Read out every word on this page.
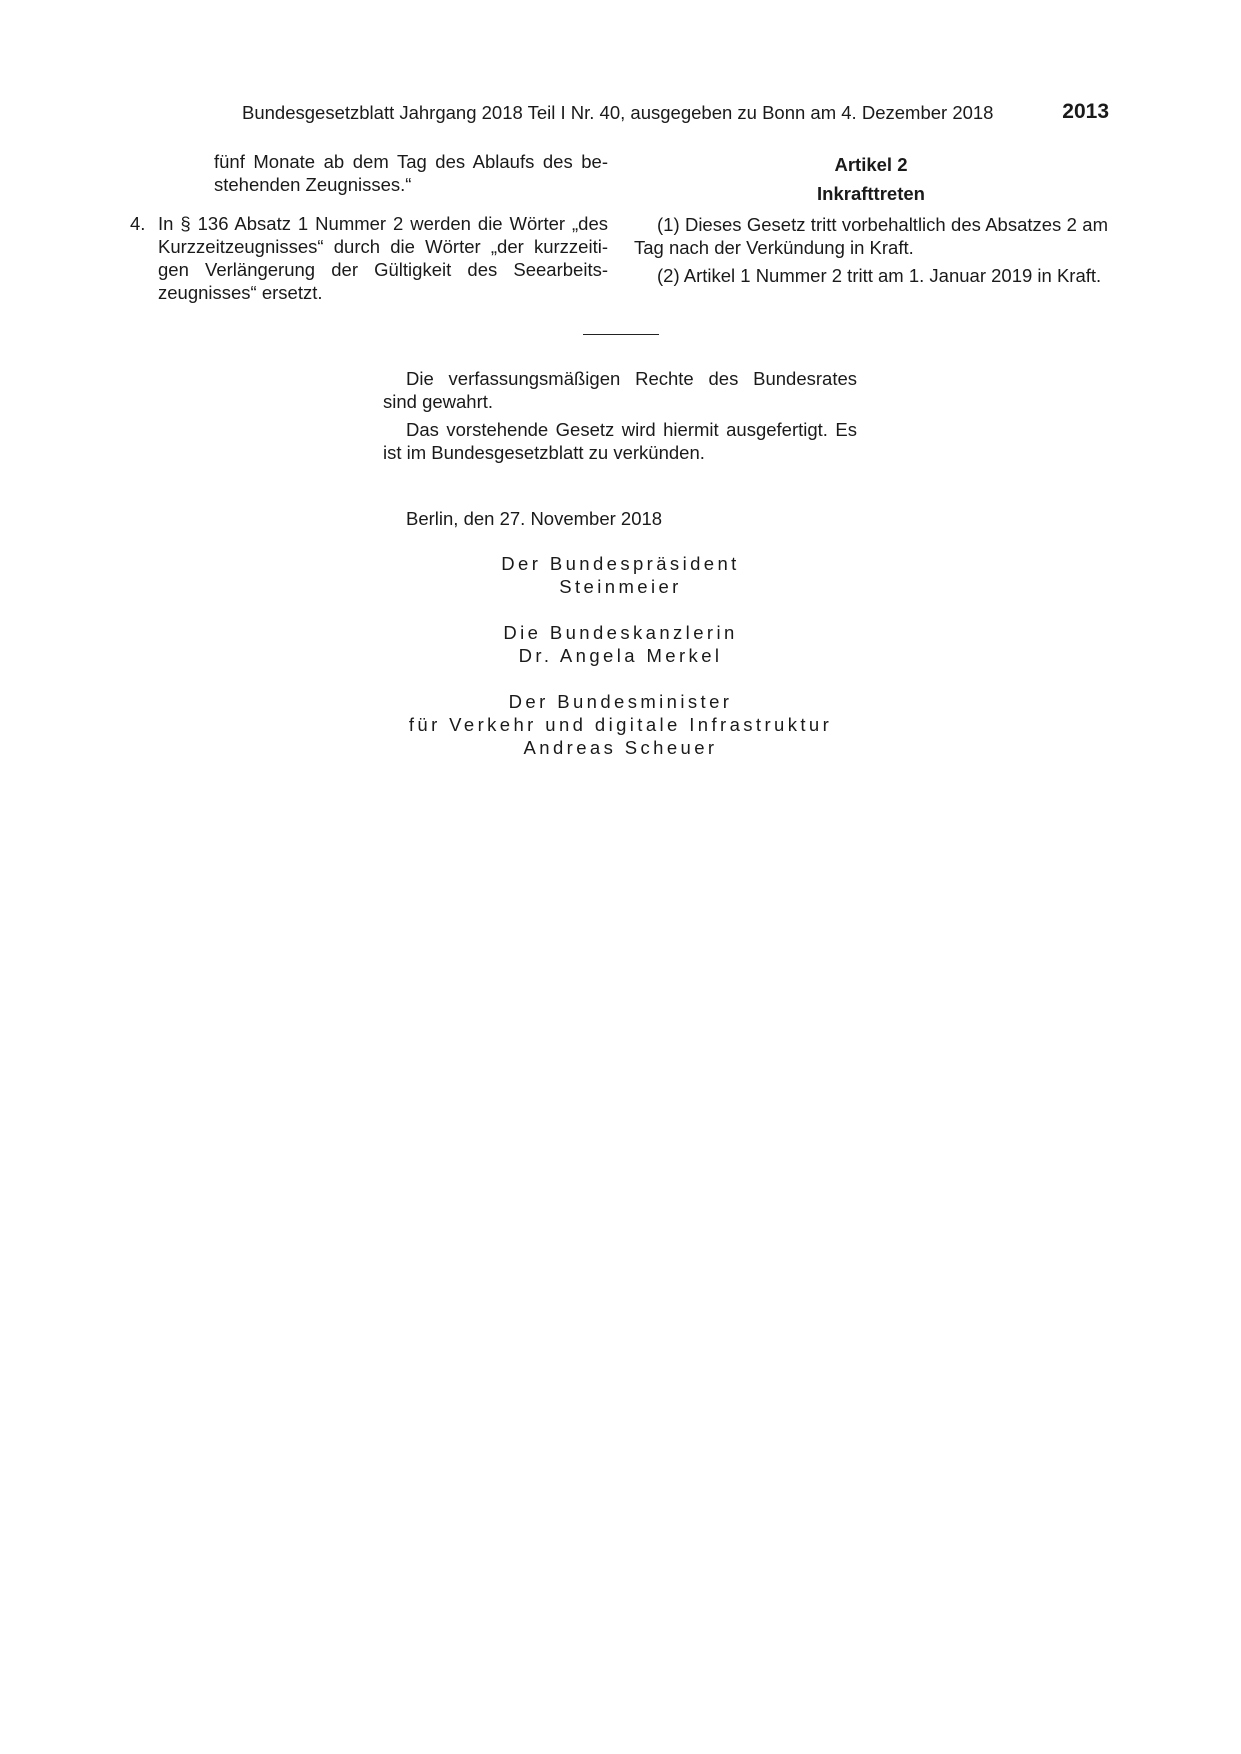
Bundesgesetzblatt Jahrgang 2018 Teil I Nr. 40, ausgegeben zu Bonn am 4. Dezember 2018	2013

fünf Monate ab dem Tag des Ablaufs des be-stehenden Zeugnisses.“

4. In § 136 Absatz 1 Nummer 2 werden die Wörter „des Kurzzeitzeugnisses“ durch die Wörter „der kurzzeiti-gen Verlängerung der Gültigkeit des Seearbeits-zeugnisses“ ersetzt.

Artikel 2

Inkrafttreten

(1) Dieses Gesetz tritt vorbehaltlich des Absatzes 2 am Tag nach der Verkündung in Kraft.

(2) Artikel 1 Nummer 2 tritt am 1. Januar 2019 in Kraft.

Die verfassungsmäßigen Rechte des Bundesrates sind gewahrt.

Das vorstehende Gesetz wird hiermit ausgefertigt. Es ist im Bundesgesetzblatt zu verkünden.

Berlin, den 27. November 2018
Der Bundespräsident
Steinmeier
Die Bundeskanzlerin
Dr. Angela Merkel
Der Bundesminister
für Verkehr und digitale Infrastruktur
Andreas Scheuer
